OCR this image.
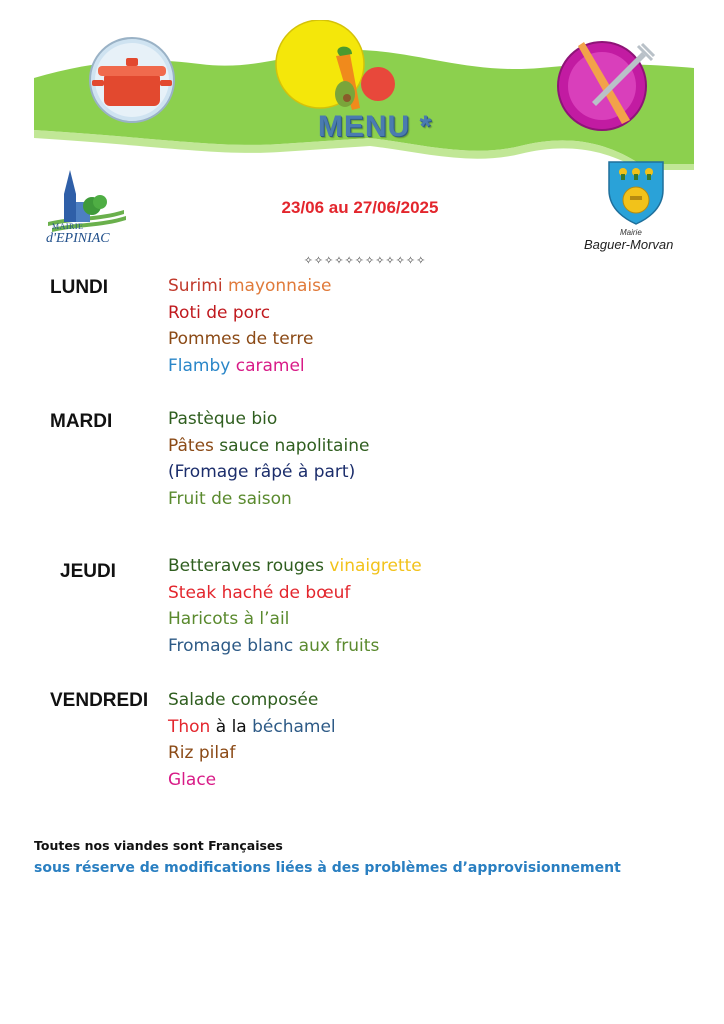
MENU *
MAIRIE
d'EPINIAC	Mairie
Baguer-Morvan
23/06 au 27/06/2025
✧✧✧✧✧✧✧✧✧✧✧✧
LUNDI	Surimi mayonnaise
Roti de porc
Pommes de terre
Flamby caramel
MARDI	Pastèque bio
Pâtes sauce napolitaine
(Fromage râpé à part)
Fruit de saison
JEUDI	Betteraves rouges vinaigrette
Steak haché de bœuf
Haricots à l’ail
Fromage blanc aux fruits
VENDREDI Salade composée
Thon à la béchamel
Riz pilaf
Glace
Toutes nos viandes sont Françaises
sous réserve de modifications liées à des problèmes d’approvisionnement
